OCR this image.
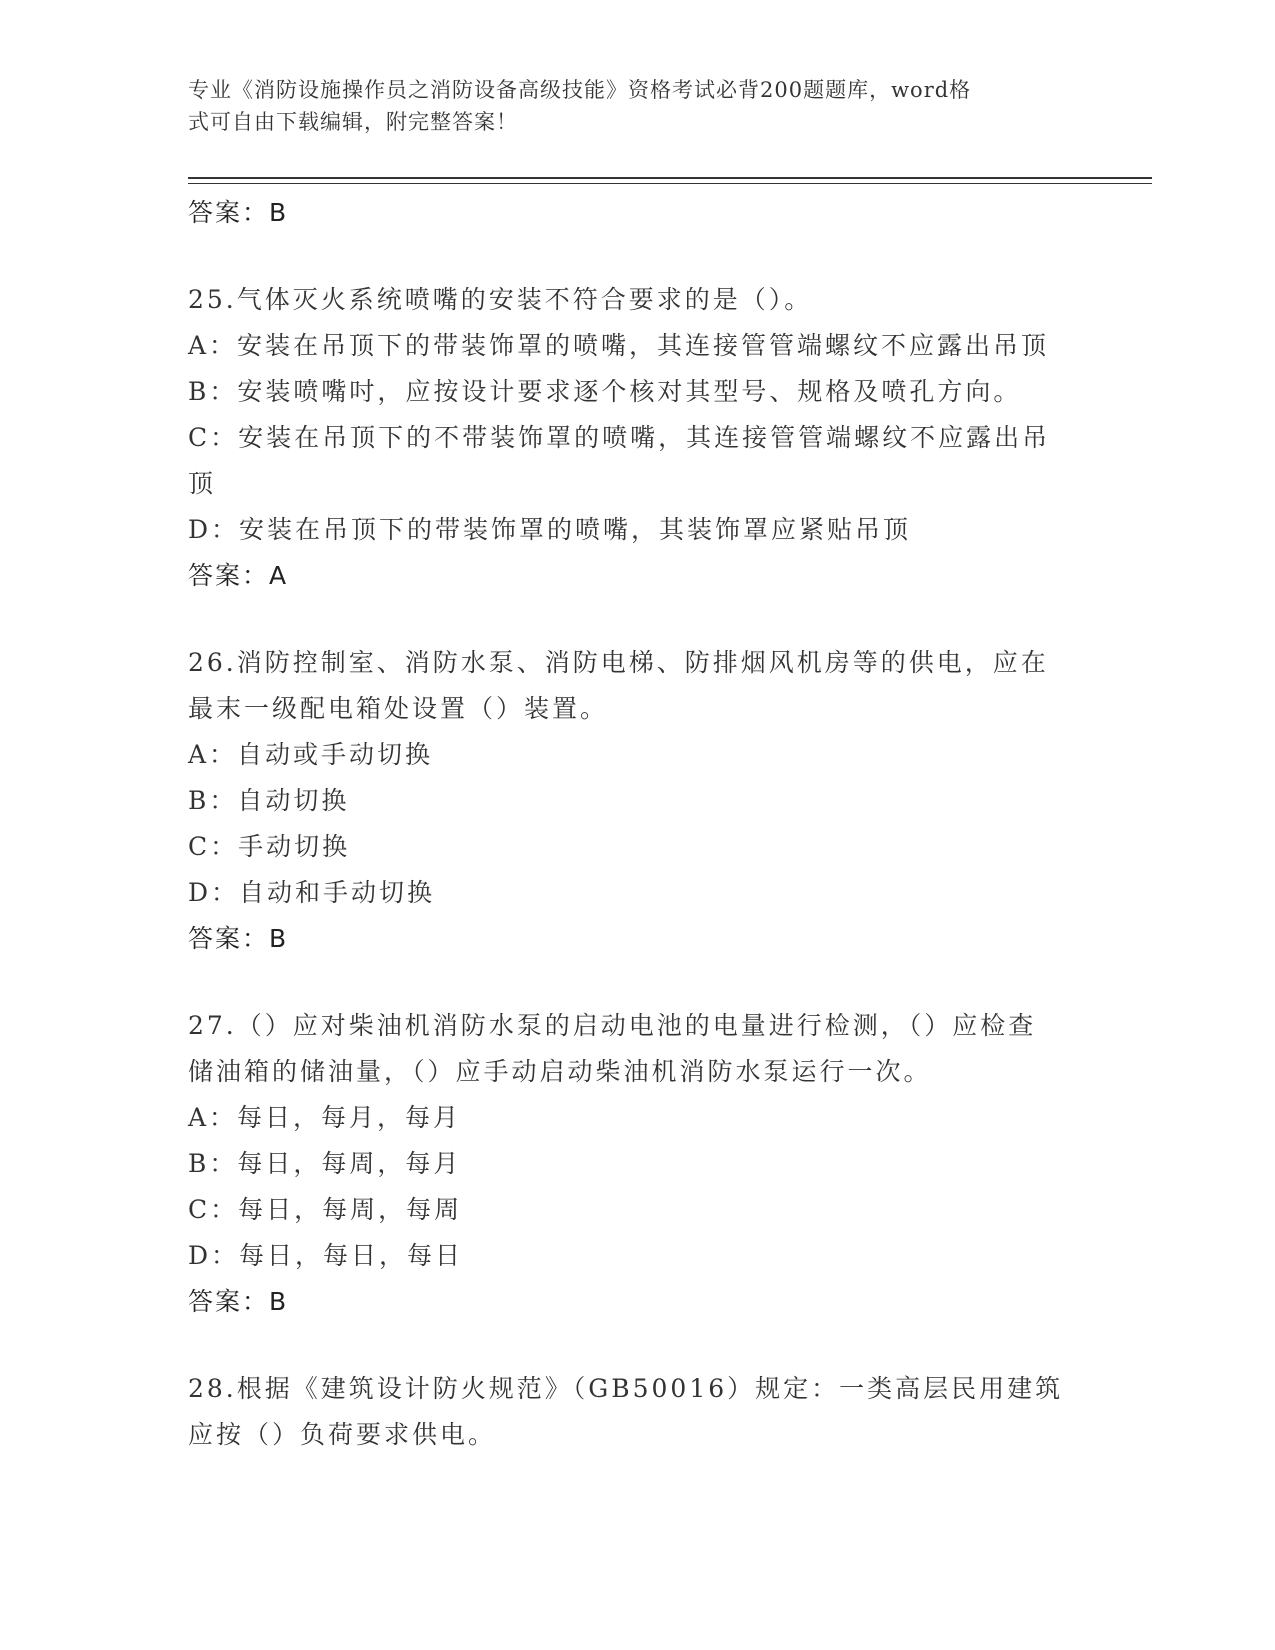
专业《消防设施操作员之消防设备高级技能》资格考试必背200题题库，word格
式可自由下载编辑，附完整答案！
答案：B
25.气体灭火系统喷嘴的安装不符合要求的是（）。
A：安装在吊顶下的带装饰罩的喷嘴，其连接管管端螺纹不应露出吊顶
B：安装喷嘴吋，应按设计要求逐个核对其型号、规格及喷孔方向。
C：安装在吊顶下的不带装饰罩的喷嘴，其连接管管端螺纹不应露出吊
顶
D：安装在吊顶下的带装饰罩的喷嘴，其装饰罩应紧贴吊顶
答案：A
26.消防控制室、消防水泵、消防电梯、防排烟风机房等的供电，应在
最末一级配电箱处设置（）装置。
A：自动或手动切换
B：自动切换
C：手动切换
D：自动和手动切换
答案：B
27.（）应对柴油机消防水泵的启动电池的电量进行检测，（）应检查
储油箱的储油量，（）应手动启动柴油机消防水泵运行一次。
A：每日，每月，每月
B：每日，每周，每月
C：每日，每周，每周
D：每日，每日，每日
答案：B
28.根据《建筑设计防火规范》（GB50016）规定：一类高层民用建筑
应按（）负荷要求供电。
